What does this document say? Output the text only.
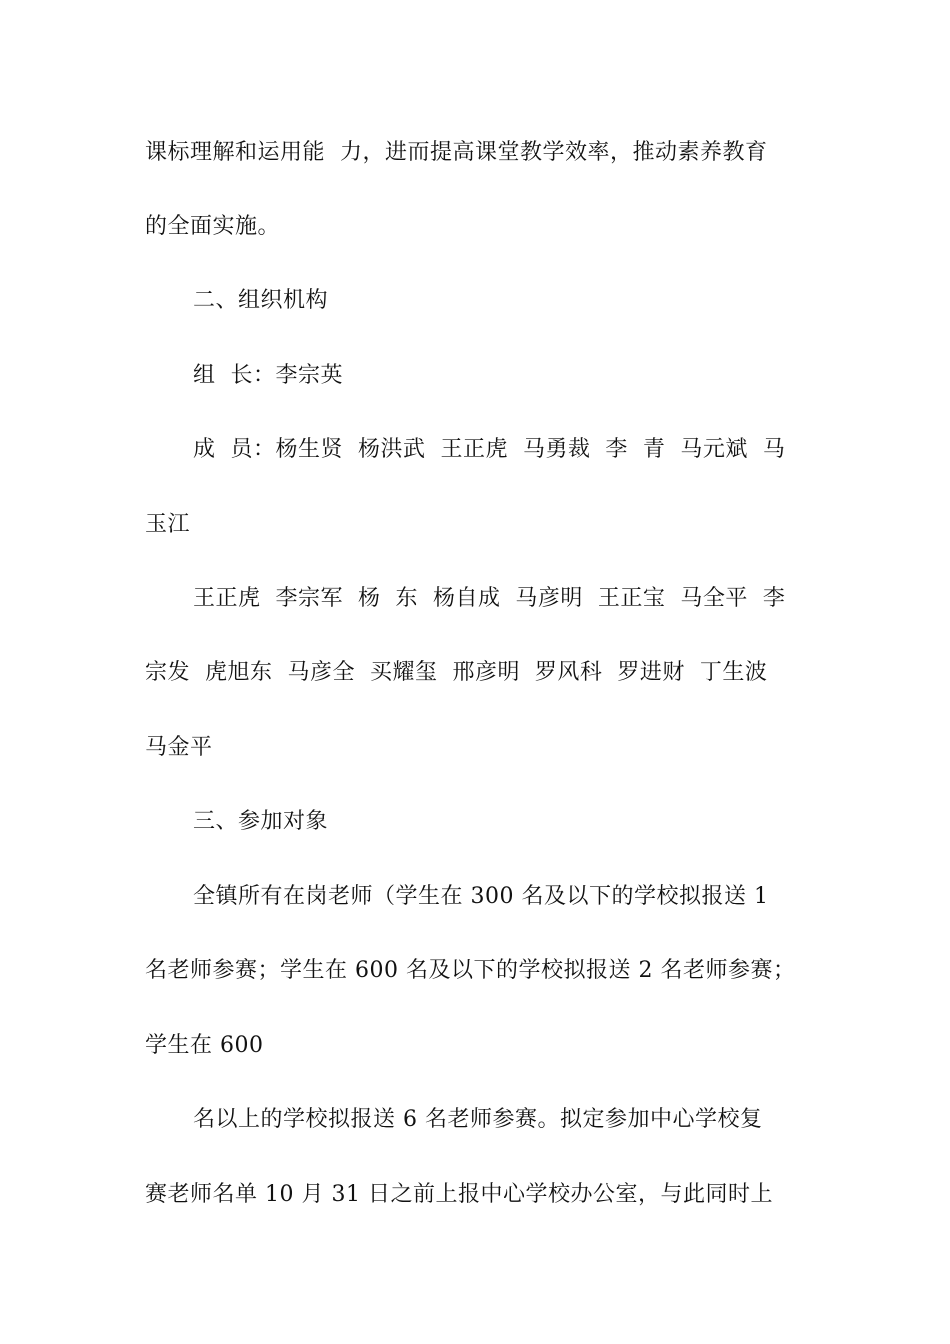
课标理解和运用能  力，进而提高课堂教学效率，推动素养教育
的全面实施。
二、组织机构
组  长：李宗英
成  员：杨生贤  杨洪武  王正虎  马勇裁  李  青  马元斌  马
玉江
王正虎  李宗军  杨  东  杨自成  马彦明  王正宝  马全平  李
宗发  虎旭东  马彦全  买耀玺  邢彦明  罗风科  罗进财  丁生波
马金平
三、参加对象
全镇所有在岗老师（学生在 300 名及以下的学校拟报送 1
名老师参赛；学生在 600 名及以下的学校拟报送 2 名老师参赛；
学生在 600
名以上的学校拟报送 6 名老师参赛。拟定参加中心学校复
赛老师名单 10 月 31 日之前上报中心学校办公室，与此同时上
